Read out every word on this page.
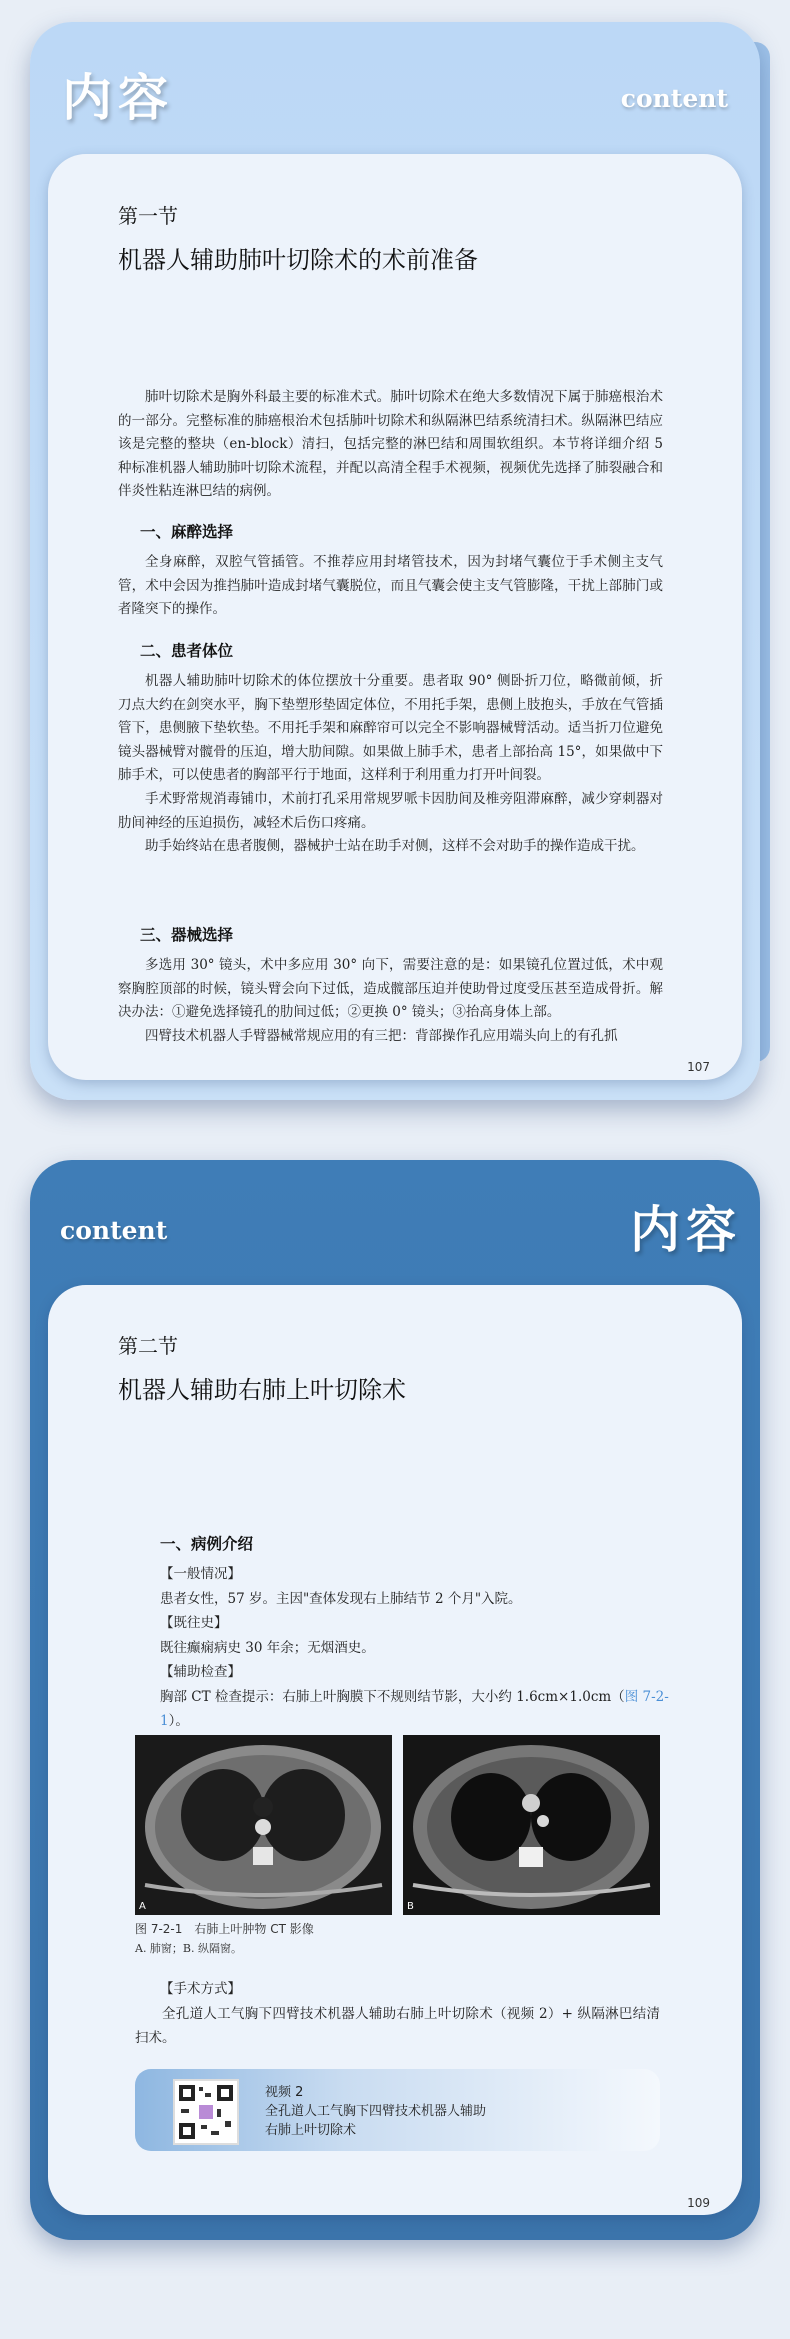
内容	content
第一节
机器人辅助肺叶切除术的术前准备

肺叶切除术是胸外科最主要的标准术式。肺叶切除术在绝大多数情况下属于肺癌根治术的一部分。完整标准的肺癌根治术包括肺叶切除术和纵隔淋巴结系统清扫术。纵隔淋巴结应该是完整的整块（en-block）清扫，包括完整的淋巴结和周围软组织。本节将详细介绍 5 种标准机器人辅助肺叶切除术流程，并配以高清全程手术视频，视频优先选择了肺裂融合和伴炎性粘连淋巴结的病例。

一、麻醉选择

全身麻醉，双腔气管插管。不推荐应用封堵管技术，因为封堵气囊位于手术侧主支气管，术中会因为推挡肺叶造成封堵气囊脱位，而且气囊会使主支气管膨隆，干扰上部肺门或者隆突下的操作。

二、患者体位

机器人辅助肺叶切除术的体位摆放十分重要。患者取 90° 侧卧折刀位，略微前倾，折刀点大约在剑突水平，胸下垫塑形垫固定体位，不用托手架，患侧上肢抱头，手放在气管插管下，患侧腋下垫软垫。不用托手架和麻醉帘可以完全不影响器械臂活动。适当折刀位避免镜头器械臂对髋骨的压迫，增大肋间隙。如果做上肺手术，患者上部抬高 15°，如果做中下肺手术，可以使患者的胸部平行于地面，这样利于利用重力打开叶间裂。

手术野常规消毒铺巾，术前打孔采用常规罗哌卡因肋间及椎旁阻滞麻醉，减少穿刺器对肋间神经的压迫损伤，减轻术后伤口疼痛。

助手始终站在患者腹侧，器械护士站在助手对侧，这样不会对助手的操作造成干扰。

三、器械选择

多选用 30° 镜头，术中多应用 30° 向下，需要注意的是：如果镜孔位置过低，术中观察胸腔顶部的时候，镜头臂会向下过低，造成髋部压迫并使助骨过度受压甚至造成骨折。解决办法：①避免选择镜孔的肋间过低；②更换 0° 镜头；③抬高身体上部。

四臂技术机器人手臂器械常规应用的有三把：背部操作孔应用端头向上的有孔抓

107
content	内容
第二节
机器人辅助右肺上叶切除术
一、病例介绍
【一般情况】
患者女性，57 岁。主因"查体发现右上肺结节 2 个月"入院。
【既往史】
既往癫痫病史 30 年余；无烟酒史。
【辅助检查】
胸部 CT 检查提示：右肺上叶胸膜下不规则结节影，大小约 1.6cm×1.0cm（图 7-2-1）。
A	B
图 7-2-1　右肺上叶肿物 CT 影像
A. 肺窗；B. 纵隔窗。
【手术方式】

全孔道人工气胸下四臂技术机器人辅助右肺上叶切除术（视频 2）+ 纵隔淋巴结清扫术。

视频 2
全孔道人工气胸下四臂技术机器人辅助
右肺上叶切除术
109
